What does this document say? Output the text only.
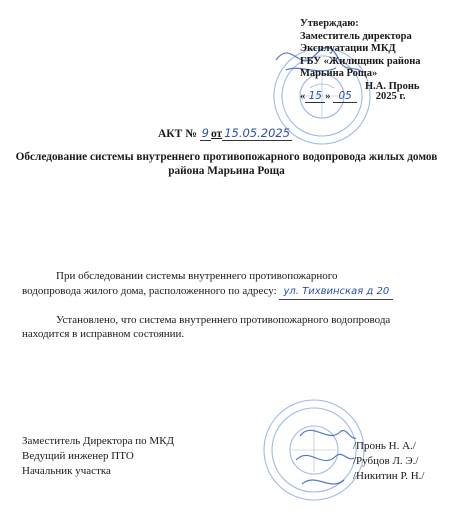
Утверждаю:
Заместитель директора
Эксплуатации МКД
ГБУ «Жилищник района
Марьина Роща»
Н.А. Пронь
« 15 » 05 2025 г.
АКТ № 9 от 15.05.2025
Обследование системы внутреннего противопожарного водопровода жилых домов района Марьина Роща
При обследовании системы внутреннего противопожарного
водопровода жилого дома, расположенного по адресу: ул. Тихвинская д 20
Установлено, что система внутреннего противопожарного водопровода
находится в исправном состоянии.
Заместитель Директора по МКД
Ведущий инженер ПТО
Начальник участка
/Пронь Н. А./
/Рубцов Л. Э./
/Никитин Р. Н./
